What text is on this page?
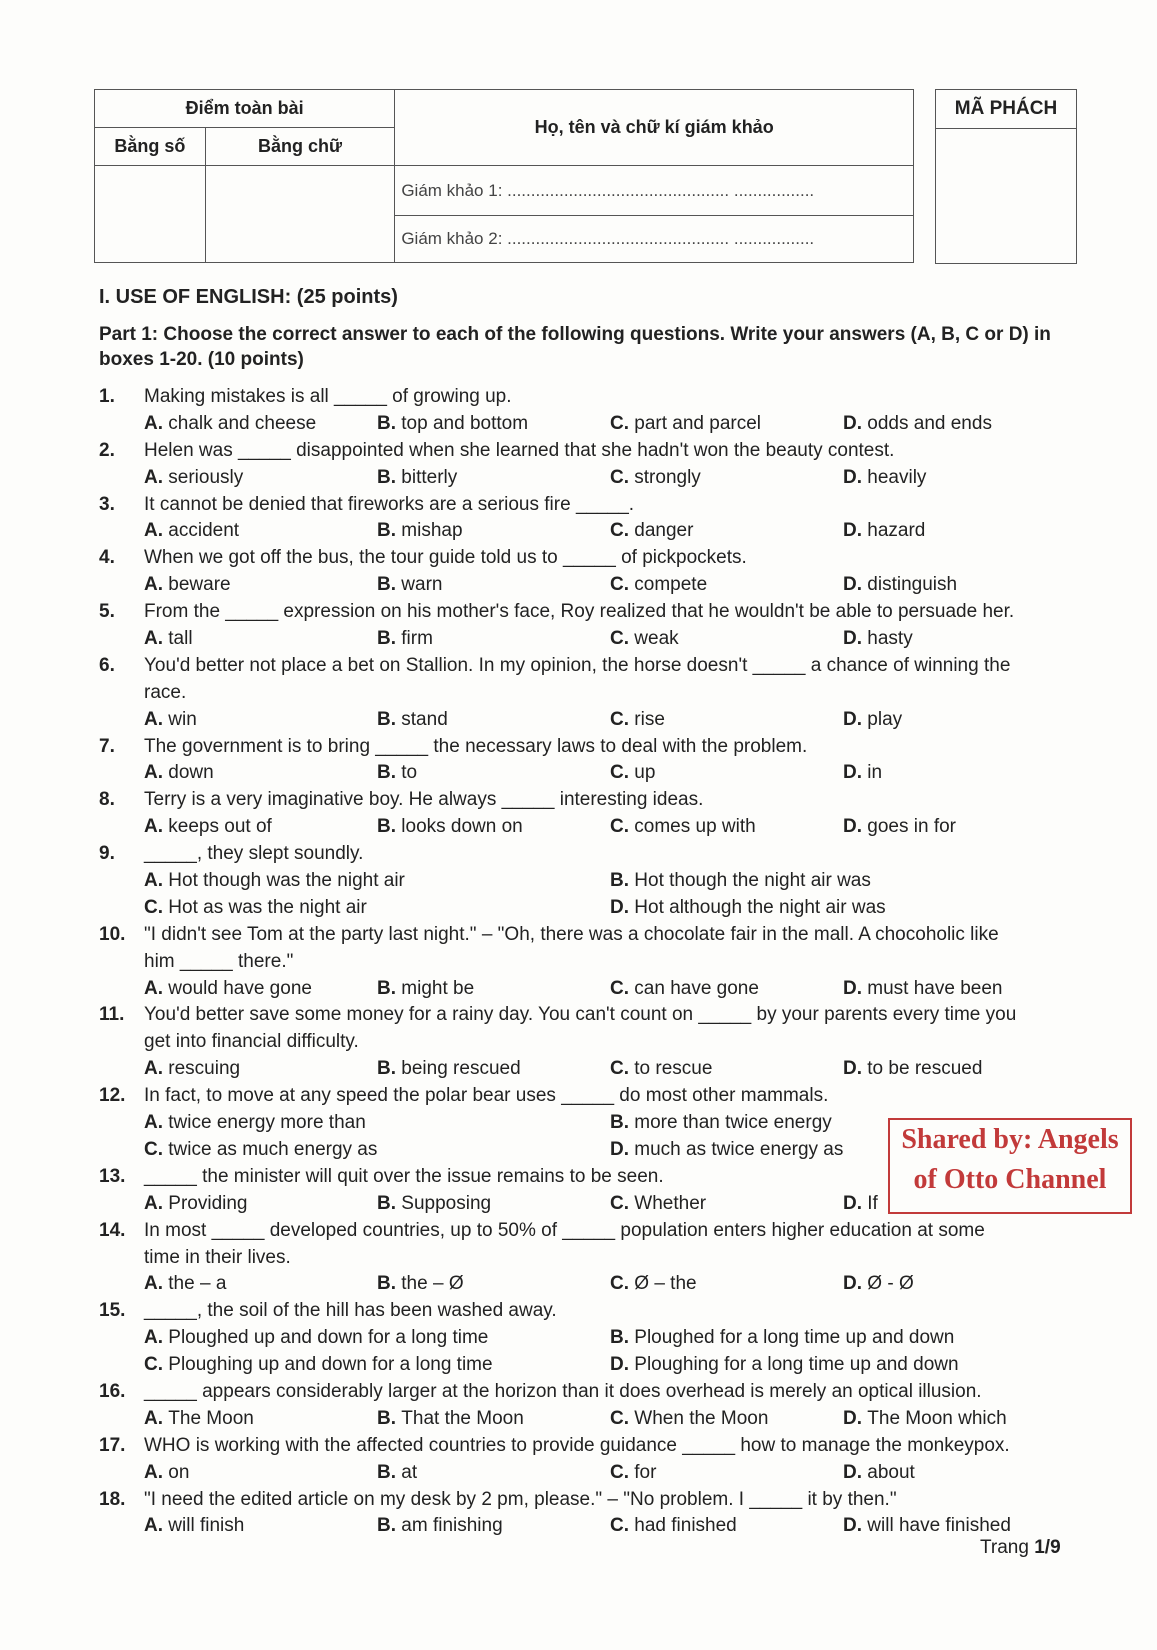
Điểm toàn bài		Họ, tên và chữ kí giám khảo
Bằng số	Bằng chữ	
		Giám khảo 1: ............................................... .................
		Giám khảo 2: ............................................... .................
MÃ PHÁCH
I. USE OF ENGLISH: (25 points)
Part 1: Choose the correct answer to each of the following questions. Write your answers (A, B, C or D) in boxes 1-20. (10 points)
1. Making mistakes is all _____ of growing up.
A. chalk and cheese	B. top and bottom	C. part and parcel	D. odds and ends
2. Helen was _____ disappointed when she learned that she hadn't won the beauty contest.
A. seriously	B. bitterly	C. strongly	D. heavily
3. It cannot be denied that fireworks are a serious fire _____.
A. accident	B. mishap	C. danger	D. hazard
4. When we got off the bus, the tour guide told us to _____ of pickpockets.
A. beware	B. warn	C. compete	D. distinguish
5. From the _____ expression on his mother's face, Roy realized that he wouldn't be able to persuade her.
A. tall	B. firm	C. weak	D. hasty
6. You'd better not place a bet on Stallion. In my opinion, the horse doesn't _____ a chance of winning the
race.
A. win	B. stand	C. rise	D. play
7. The government is to bring _____ the necessary laws to deal with the problem.
A. down	B. to	C. up	D. in
8. Terry is a very imaginative boy. He always _____ interesting ideas.
A. keeps out of	B. looks down on	C. comes up with	D. goes in for
9. _____, they slept soundly.
A. Hot though was the night air	B. Hot though the night air was
C. Hot as was the night air	D. Hot although the night air was
10. "I didn't see Tom at the party last night." – "Oh, there was a chocolate fair in the mall. A chocoholic like
him _____ there."
A. would have gone	B. might be	C. can have gone	D. must have been
11. You'd better save some money for a rainy day. You can't count on _____ by your parents every time you
get into financial difficulty.
A. rescuing	B. being rescued	C. to rescue	D. to be rescued
12. In fact, to move at any speed the polar bear uses _____ do most other mammals.
A. twice energy more than	B. more than twice energy
C. twice as much energy as	D. much as twice energy as
13. _____ the minister will quit over the issue remains to be seen.
A. Providing	B. Supposing	C. Whether	D. If
14. In most _____ developed countries, up to 50% of _____ population enters higher education at some
time in their lives.
A. the – a	B. the – Ø	C. Ø – the	D. Ø - Ø
15. _____, the soil of the hill has been washed away.
A. Ploughed up and down for a long time	B. Ploughed for a long time up and down
C. Ploughing up and down for a long time	D. Ploughing for a long time up and down
16. _____ appears considerably larger at the horizon than it does overhead is merely an optical illusion.
A. The Moon	B. That the Moon	C. When the Moon	D. The Moon which
17. WHO is working with the affected countries to provide guidance _____ how to manage the monkeypox.
A. on	B. at	C. for	D. about
18. "I need the edited article on my desk by 2 pm, please." – "No problem. I _____ it by then."
A. will finish	B. am finishing	C. had finished	D. will have finished
Shared by: Angels
of Otto Channel
Trang 1/9
